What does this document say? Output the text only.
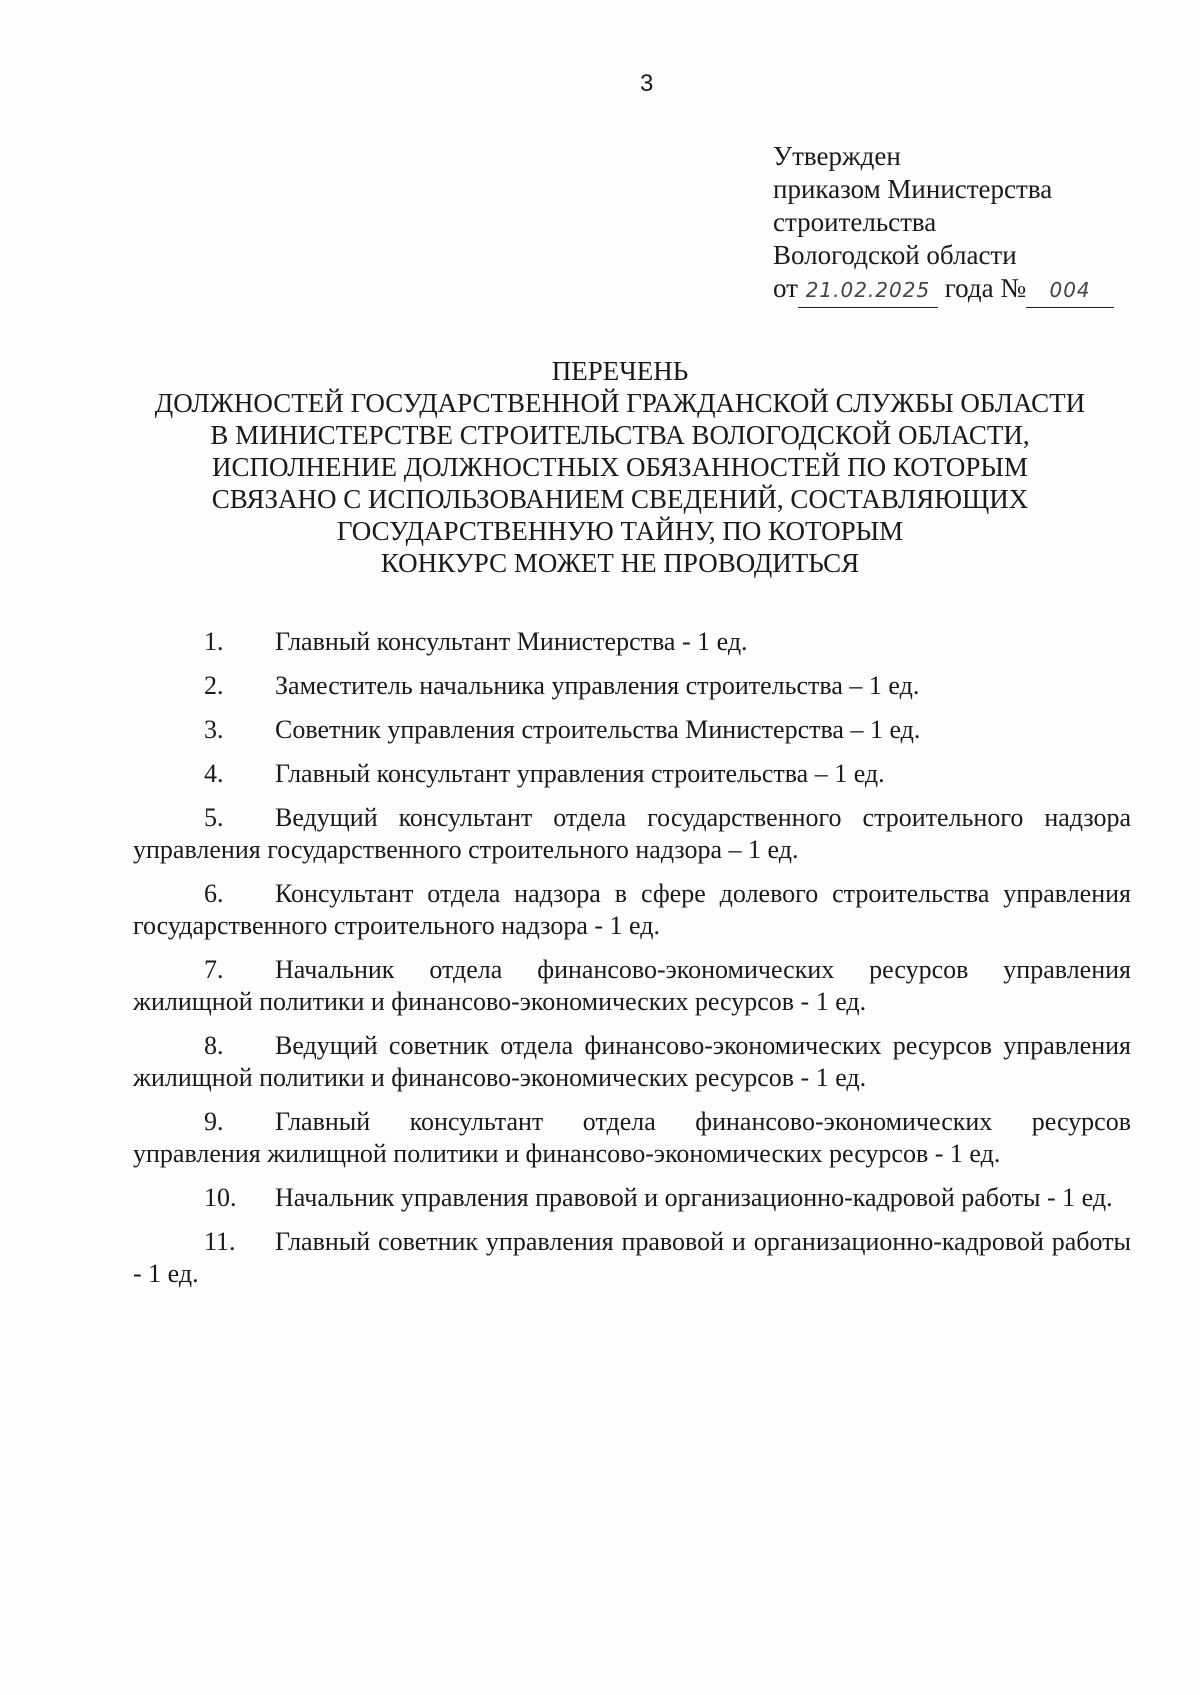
3
Утвержден
приказом Министерства
строительства
Вологодской области
от 21.02.2025 года № 004
ПЕРЕЧЕНЬ
ДОЛЖНОСТЕЙ ГОСУДАРСТВЕННОЙ ГРАЖДАНСКОЙ СЛУЖБЫ ОБЛАСТИ
В МИНИСТЕРСТВЕ СТРОИТЕЛЬСТВА ВОЛОГОДСКОЙ ОБЛАСТИ,
ИСПОЛНЕНИЕ ДОЛЖНОСТНЫХ ОБЯЗАННОСТЕЙ ПО КОТОРЫМ
СВЯЗАНО С ИСПОЛЬЗОВАНИЕМ СВЕДЕНИЙ, СОСТАВЛЯЮЩИХ
ГОСУДАРСТВЕННУЮ ТАЙНУ, ПО КОТОРЫМ
КОНКУРС МОЖЕТ НЕ ПРОВОДИТЬСЯ
1. Главный консультант Министерства - 1 ед.
2. Заместитель начальника управления строительства – 1 ед.
3. Советник управления строительства Министерства – 1 ед.
4. Главный консультант управления строительства – 1 ед.
5. Ведущий консультант отдела государственного строительного надзора управления государственного строительного надзора – 1 ед.
6. Консультант отдела надзора в сфере долевого строительства управления государственного строительного надзора - 1 ед.
7. Начальник отдела финансово-экономических ресурсов управления жилищной политики и финансово-экономических ресурсов - 1 ед.
8. Ведущий советник отдела финансово-экономических ресурсов управления жилищной политики и финансово-экономических ресурсов - 1 ед.
9. Главный консультант отдела финансово-экономических ресурсов управления жилищной политики и финансово-экономических ресурсов - 1 ед.
10. Начальник управления правовой и организационно-кадровой работы - 1 ед.
11. Главный советник управления правовой и организационно-кадровой работы - 1 ед.
